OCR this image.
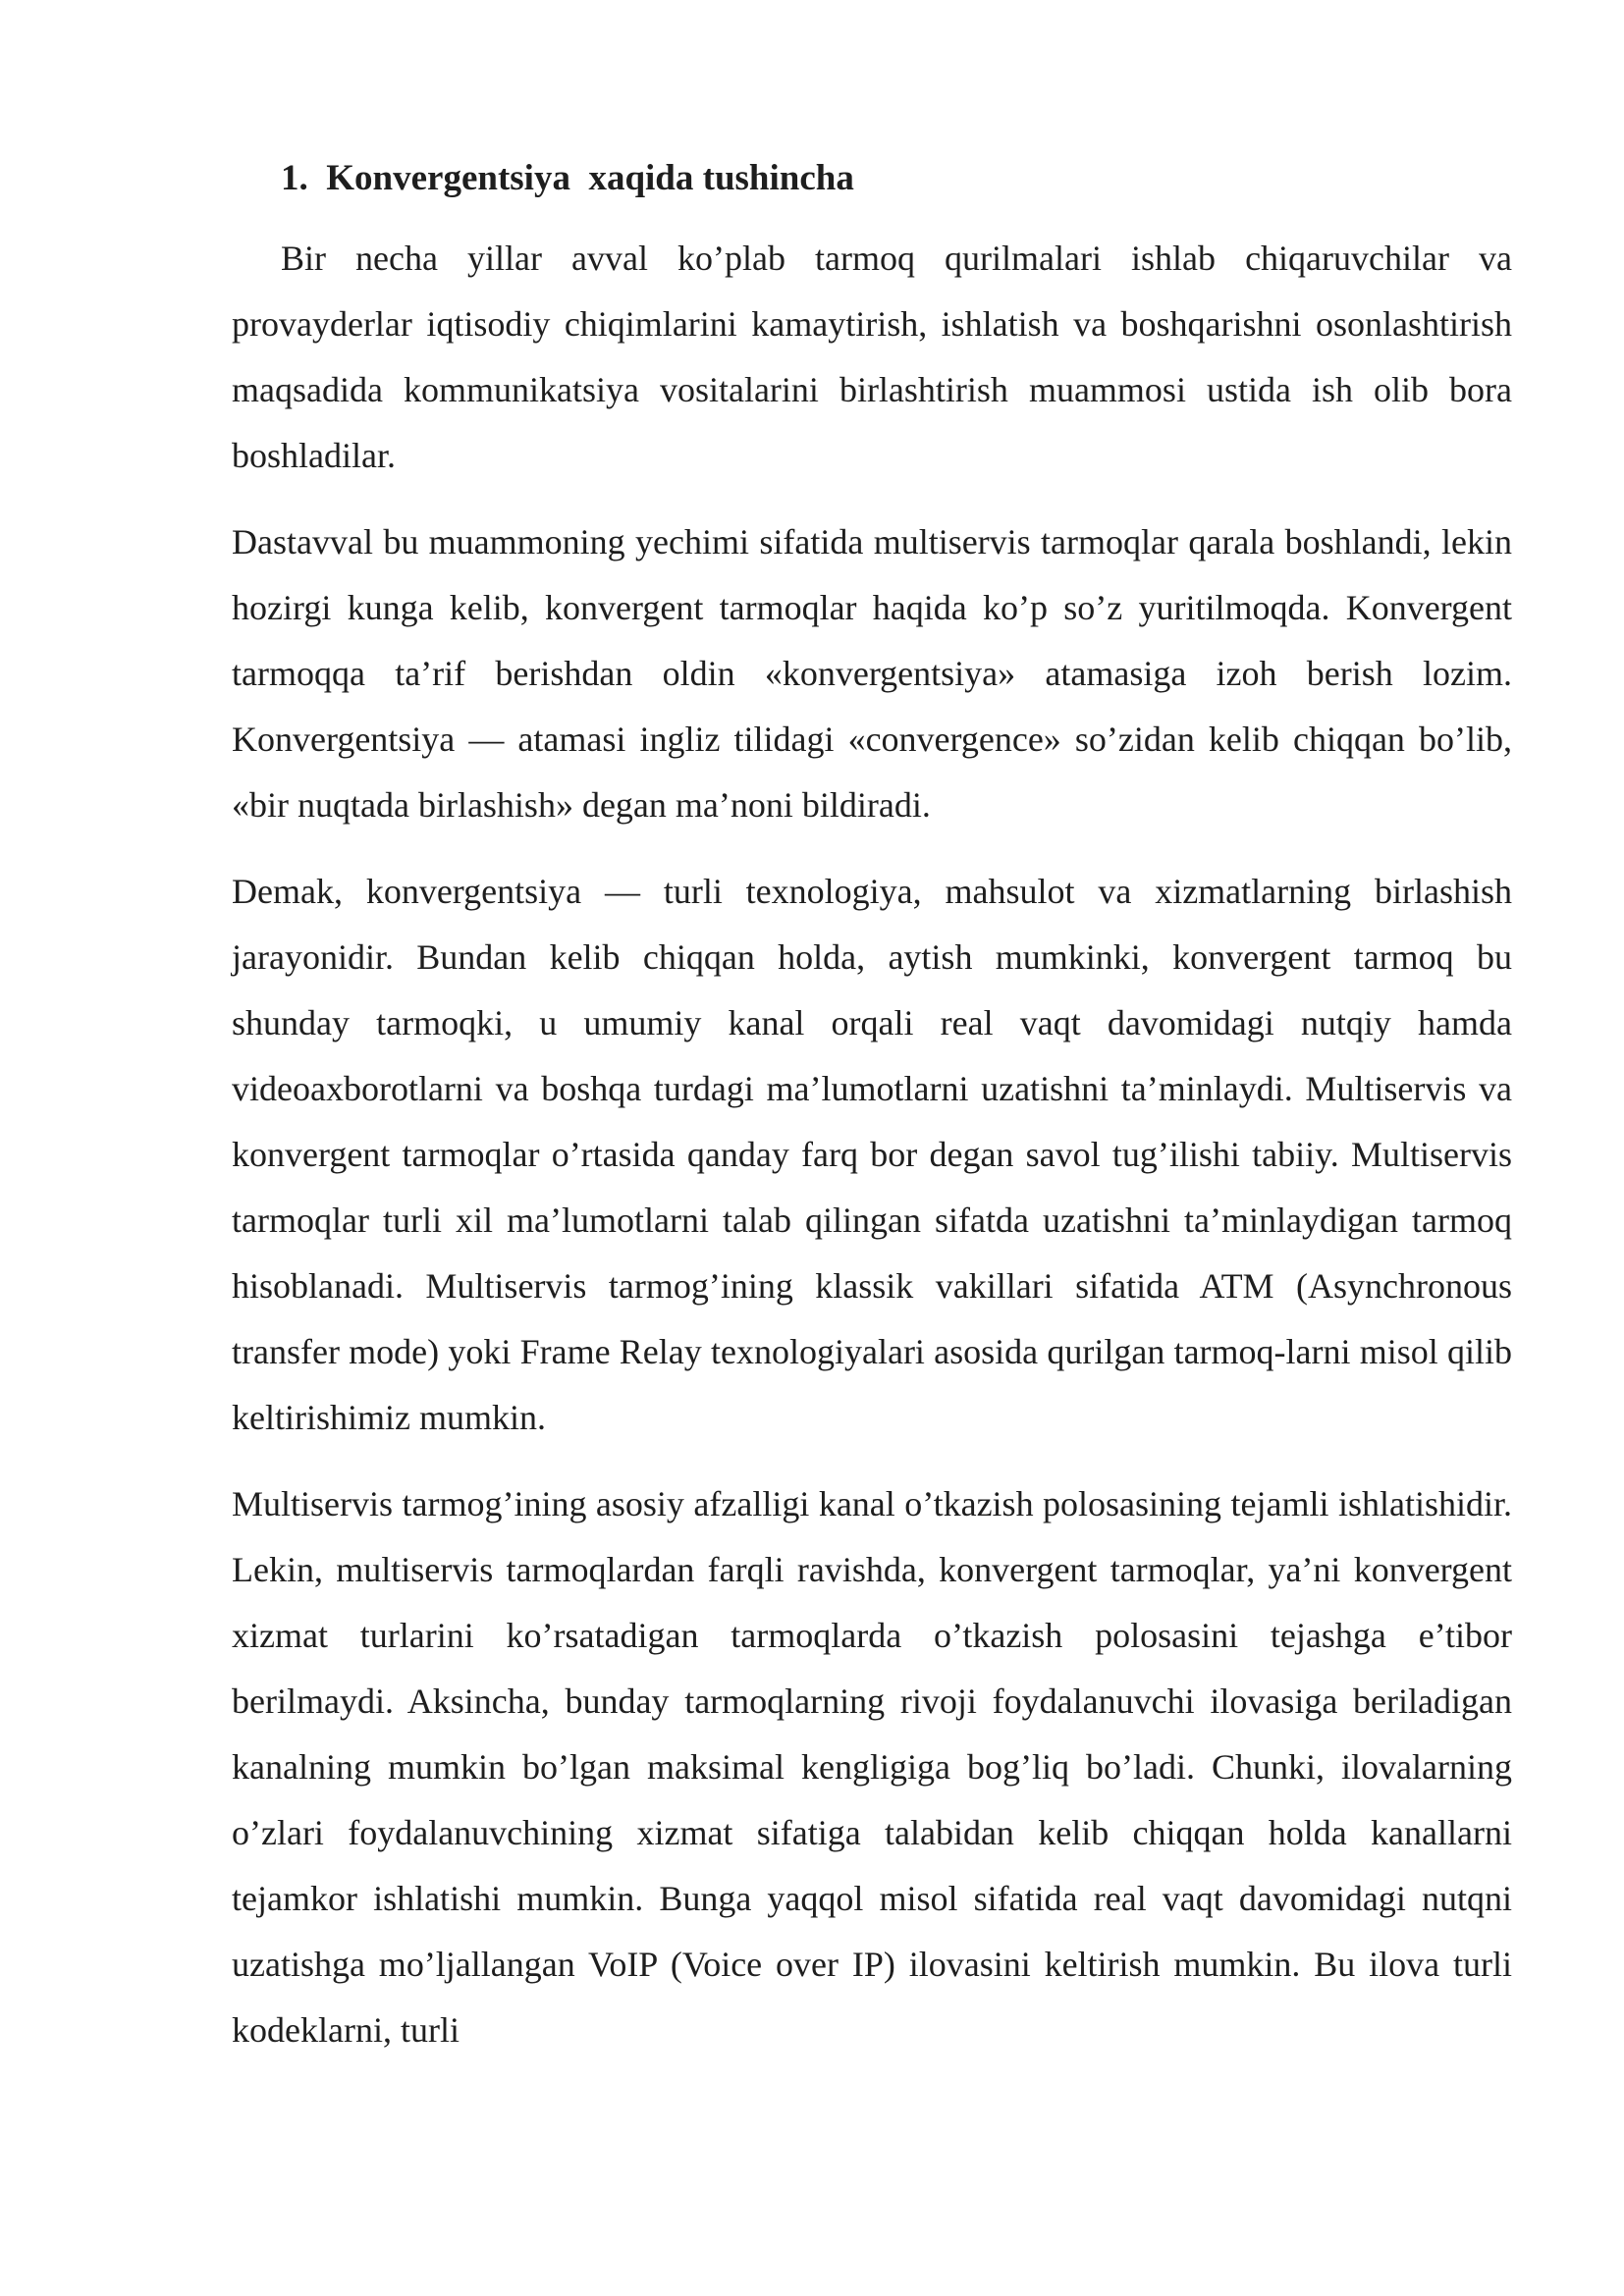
1.  Konvergentsiya  xaqida tushincha

Bir necha yillar avval ko’plab tarmoq qurilmalari ishlab chiqaruvchilar va provayderlar iqtisodiy chiqimlarini kamaytirish, ishlatish va boshqarishni osonlashtirish maqsadida kommunikatsiya vositalarini birlashtirish muammosi ustida ish olib bora boshladilar.

Dastavval bu muammoning yechimi sifatida multiservis tarmoqlar qarala boshlandi, lekin hozirgi kunga kelib, konvergent tarmoqlar haqida ko’p so’z yuritilmoqda. Konvergent tarmoqqa ta’rif berishdan oldin «konvergentsiya» atamasiga izoh berish lozim. Konvergentsiya — atamasi ingliz tilidagi «convergence» so’zidan kelib chiqqan bo’lib, «bir nuqtada birlashish» degan ma’noni bildiradi.

Demak, konvergentsiya — turli texnologiya, mahsulot va xizmatlarning birlashish jarayonidir. Bundan kelib chiqqan holda, aytish mumkinki, konvergent tarmoq bu shunday tarmoqki, u umumiy kanal orqali real vaqt davomidagi nutqiy hamda videoaxborotlarni va boshqa turdagi ma’lumotlarni uzatishni ta’minlaydi. Multiservis va konvergent tarmoqlar o’rtasida qanday farq bor degan savol tug’ilishi tabiiy. Multiservis tarmoqlar turli xil ma’lumotlarni talab qilingan sifatda uzatishni ta’minlaydigan tarmoq hisoblanadi. Multiservis tarmog’ining klassik vakillari sifatida ATM (Asynchronous transfer mode) yoki Frame Relay texnologiyalari asosida qurilgan tarmoq-larni misol qilib keltirishimiz mumkin.

Multiservis tarmog’ining asosiy afzalligi kanal o’tkazish polosasining tejamli ishlatishidir. Lekin, multiservis tarmoqlardan farqli ravishda, konvergent tarmoqlar, ya’ni konvergent xizmat turlarini ko’rsatadigan tarmoqlarda o’tkazish polosasini tejashga e’tibor berilmaydi. Aksincha, bunday tarmoqlarning rivoji foydalanuvchi ilovasiga beriladigan kanalning mumkin bo’lgan maksimal kengligiga bog’liq bo’ladi. Chunki, ilovalarning o’zlari foydalanuvchining xizmat sifatiga talabidan kelib chiqqan holda kanallarni tejamkor ishlatishi mumkin. Bunga yaqqol misol sifatida real vaqt davomidagi nutqni uzatishga mo’ljallangan VoIP (Voice over IP) ilovasini keltirish mumkin. Bu ilova turli kodeklarni, turli
